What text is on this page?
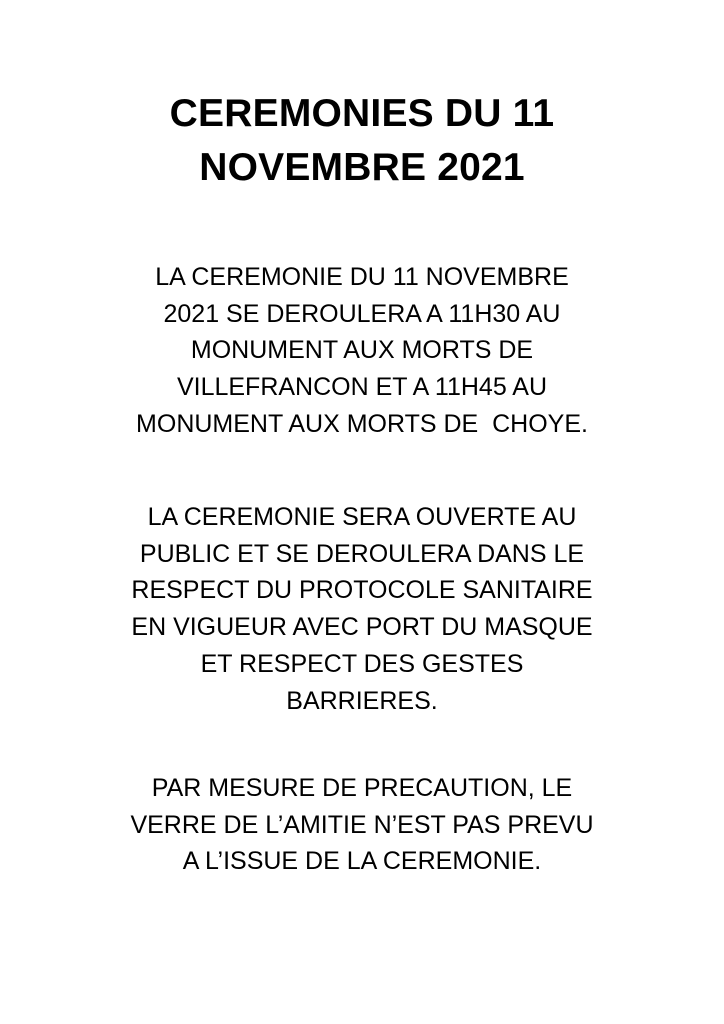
CEREMONIES DU 11
NOVEMBRE 2021

LA CEREMONIE DU 11 NOVEMBRE
2021 SE DEROULERA A 11H30 AU
MONUMENT AUX MORTS DE
VILLEFRANCON ET A 11H45 AU
MONUMENT AUX MORTS DE  CHOYE.

LA CEREMONIE SERA OUVERTE AU
PUBLIC ET SE DEROULERA DANS LE
RESPECT DU PROTOCOLE SANITAIRE
EN VIGUEUR AVEC PORT DU MASQUE
ET RESPECT DES GESTES
BARRIERES.

PAR MESURE DE PRECAUTION, LE
VERRE DE L’AMITIE N’EST PAS PREVU
A L’ISSUE DE LA CEREMONIE.
